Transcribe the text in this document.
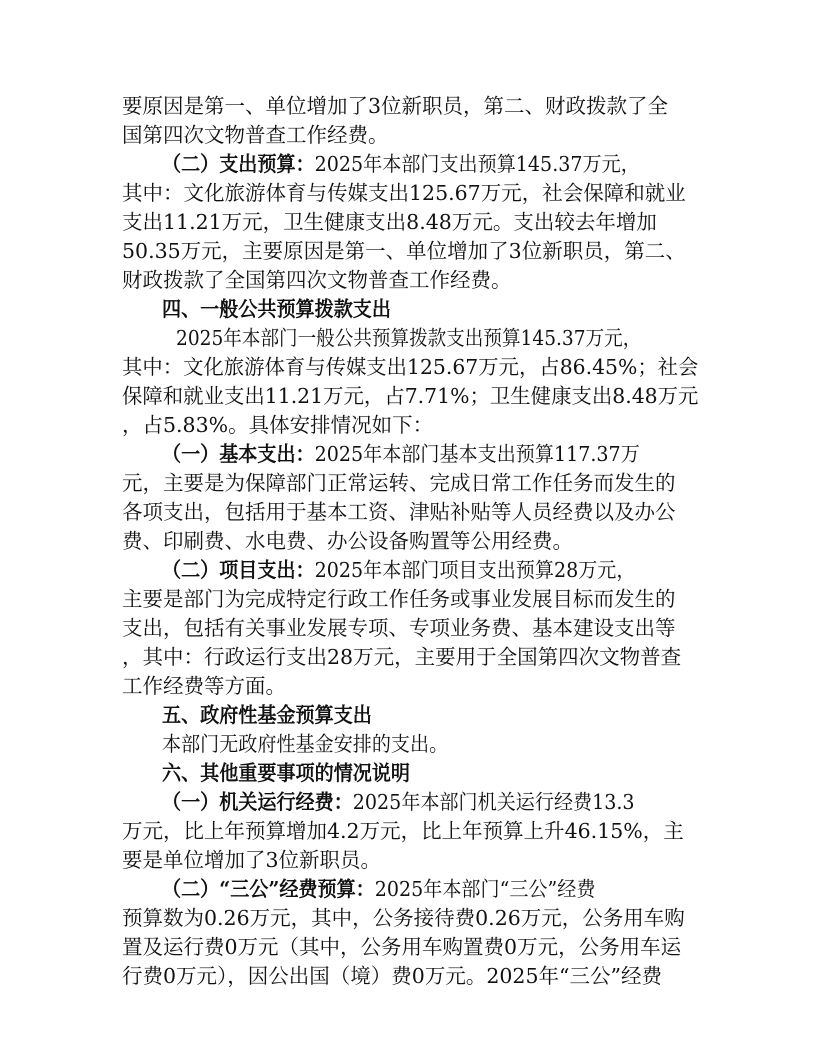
要原因是第一、单位增加了3位新职员，第二、财政拨款了全
国第四次文物普查工作经费。
（二）支出预算：2025年本部门支出预算145.37万元，
其中：文化旅游体育与传媒支出125.67万元，社会保障和就业
支出11.21万元，卫生健康支出8.48万元。支出较去年增加
50.35万元，主要原因是第一、单位增加了3位新职员，第二、
财政拨款了全国第四次文物普查工作经费。
四、一般公共预算拨款支出
2025年本部门一般公共预算拨款支出预算145.37万元，
其中：文化旅游体育与传媒支出125.67万元，占86.45%；社会
保障和就业支出11.21万元，占7.71%；卫生健康支出8.48万元
，占5.83%。具体安排情况如下：
（一）基本支出：2025年本部门基本支出预算117.37万
元，主要是为保障部门正常运转、完成日常工作任务而发生的
各项支出，包括用于基本工资、津贴补贴等人员经费以及办公
费、印刷费、水电费、办公设备购置等公用经费。
（二）项目支出：2025年本部门项目支出预算28万元，
主要是部门为完成特定行政工作任务或事业发展目标而发生的
支出，包括有关事业发展专项、专项业务费、基本建设支出等
，其中：行政运行支出28万元，主要用于全国第四次文物普查
工作经费等方面。
五、政府性基金预算支出
本部门无政府性基金安排的支出。
六、其他重要事项的情况说明
（一）机关运行经费：2025年本部门机关运行经费13.3
万元，比上年预算增加4.2万元，比上年预算上升46.15%，主
要是单位增加了3位新职员。
（二）“三公”经费预算：2025年本部门“三公”经费
预算数为0.26万元，其中，公务接待费0.26万元，公务用车购
置及运行费0万元（其中，公务用车购置费0万元，公务用车运
行费0万元），因公出国（境）费0万元。2025年“三公”经费
